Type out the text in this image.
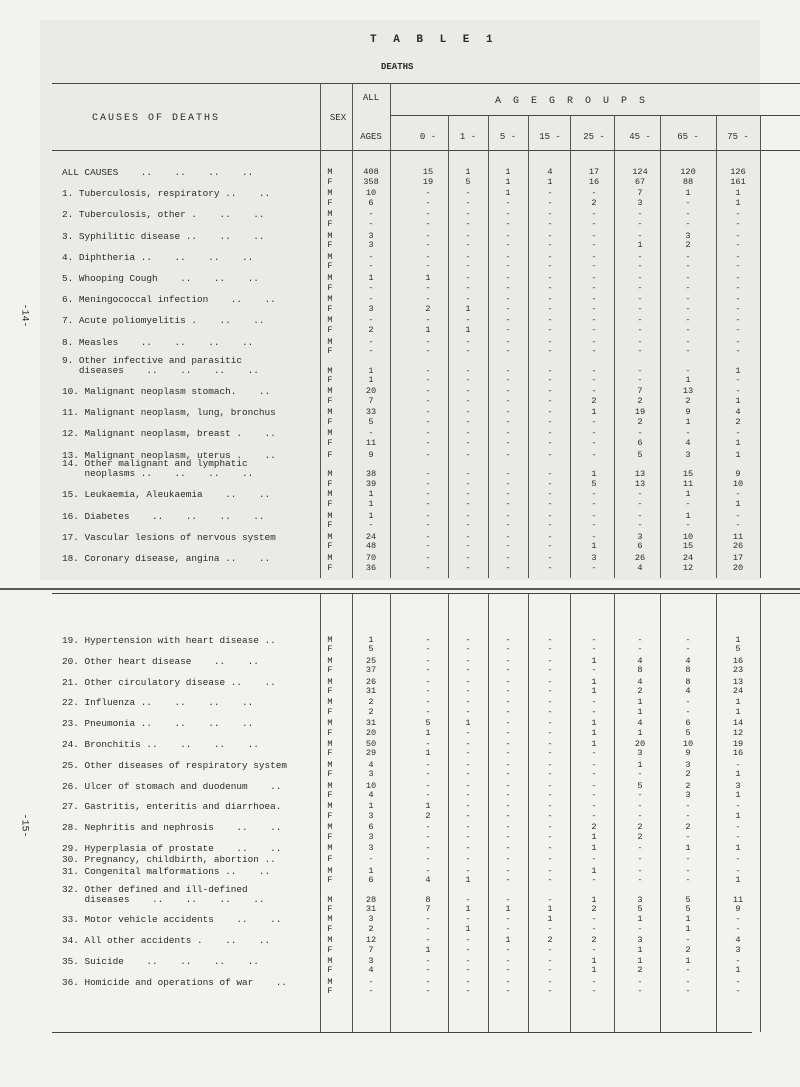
T A B L E 1
DEATHS
-14-
CAUSES OF DEATHS	SEX
ALL
AGES
A G E G R O U P S
0 -	1 -	5 -	15 -	25 -	45 -	65 -	75 -
ALL CAUSES    ..    ..    ..    ..	M	408	15	1	1	4	17	124	120	126
F	358	19	5	1	1	16	67	88	161
1. Tuberculosis, respiratory ..    ..	M	10	-	-	1	-	-	7	1	1
F	6	-	-	-	-	2	3	-	1
2. Tuberculosis, other .    ..    ..	M	-	-	-	-	-	-	-	-	-
F	-	-	-	-	-	-	-	-	-
3. Syphilitic disease ..    ..    ..	M	3	-	-	-	-	-	-	3	-
F	3	-	-	-	-	-	1	2	-
4. Diphtheria ..    ..    ..    ..	M	-	-	-	-	-	-	-	-	-
F	-	-	-	-	-	-	-	-	-
5. Whooping Cough    ..    ..    ..	M	1	1	-	-	-	-	-	-	-
F	-	-	-	-	-	-	-	-	-
6. Meningococcal infection    ..    ..	M	-	-	-	-	-	-	-	-	-
F	3	2	1	-	-	-	-	-	-
7. Acute poliomyelitis .    ..    ..	M	-	-	-	-	-	-	-	-	-
F	2	1	1	-	-	-	-	-	-
8. Measles    ..    ..    ..    ..	M	-	-	-	-	-	-	-	-	-
F	-	-	-	-	-	-	-	-	-
9. Other infective and parasitic
diseases    ..    ..    ..    ..	M	1	-	-	-	-	-	-	-	1
F	1	-	-	-	-	-	-	1	-
10. Malignant neoplasm stomach.    ..	M	20	-	-	-	-	-	7	13	-
F	7	-	-	-	-	2	2	2	1
11. Malignant neoplasm, lung, bronchus	M	33	-	-	-	-	1	19	9	4
F	5	-	-	-	-	-	2	1	2
12. Malignant neoplasm, breast .    ..	M	-	-	-	-	-	-	-	-	-
F	11	-	-	-	-	-	6	4	1
13. Malignant neoplasm, uterus .    ..	F	9	-	-	-	-	-	5	3	1
14. Other malignant and lymphatic
neoplasms ..    ..    ..    ..	M	38	-	-	-	-	1	13	15	9
F	39	-	-	-	-	5	13	11	10
15. Leukaemia, Aleukaemia    ..    ..	M	1	-	-	-	-	-	-	1	-
F	1	-	-	-	-	-	-	-	1
16. Diabetes    ..    ..    ..    ..	M	1	-	-	-	-	-	-	1	-
F	-	-	-	-	-	-	-	-	-
17. Vascular lesions of nervous system	M	24	-	-	-	-	-	3	10	11
F	48	-	-	-	-	1	6	15	26
18. Coronary disease, angina ..    ..	M	70	-	-	-	-	3	26	24	17
F	36	-	-	-	-	-	4	12	20
-15-
19. Hypertension with heart disease ..	M	1	-	-	-	-	-	-	-	1
F	5	-	-	-	-	-	-	-	5
20. Other heart disease    ..    ..	M	25	-	-	-	-	1	4	4	16
F	37	-	-	-	-	-	8	8	23
21. Other circulatory disease ..    ..	M	26	-	-	-	-	1	4	8	13
F	31	-	-	-	-	1	2	4	24
22. Influenza ..    ..    ..    ..	M	2	-	-	-	-	-	1	-	1
F	2	-	-	-	-	-	1	-	1
23. Pneumonia ..    ..    ..    ..	M	31	5	1	-	-	1	4	6	14
F	20	1	-	-	-	1	1	5	12
24. Bronchitis ..    ..    ..    ..	M	50	-	-	-	-	1	20	10	19
F	29	1	-	-	-	-	3	9	16
25. Other diseases of respiratory system	M	4	-	-	-	-	-	1	3	-
F	3	-	-	-	-	-	-	2	1
26. Ulcer of stomach and duodenum    ..	M	10	-	-	-	-	-	5	2	3
F	4	-	-	-	-	-	-	3	1
27. Gastritis, enteritis and diarrhoea.	M	1	1	-	-	-	-	-	-	-
F	3	2	-	-	-	-	-	-	1
28. Nephritis and nephrosis    ..    ..	M	6	-	-	-	-	2	2	2	-
F	3	-	-	-	-	1	2	-	-
29. Hyperplasia of prostate    ..    ..	M	3	-	-	-	-	1	-	1	1
30. Pregnancy, childbirth, abortion ..	F	-	-	-	-	-	-	-	-	-
31. Congenital malformations ..    ..	M	1	-	-	-	-	1	-	-	-
F	6	4	1	-	-	-	-	-	1
32. Other defined and ill-defined
diseases    ..    ..    ..    ..	M	28	8	-	-	-	1	3	5	11
F	31	7	1	1	1	2	5	5	9
33. Motor vehicle accidents    ..    ..	M	3	-	-	-	1	-	1	1	-
F	2	-	1	-	-	-	-	1	-
34. All other accidents .    ..    ..	M	12	-	-	1	2	2	3	-	4
F	7	1	-	-	-	-	1	2	3
35. Suicide    ..    ..    ..    ..	M	3	-	-	-	-	1	1	1	-
F	4	-	-	-	-	1	2	-	1
36. Homicide and operations of war    ..	M	-	-	-	-	-	-	-	-	-
F	-	-	-	-	-	-	-	-	-
